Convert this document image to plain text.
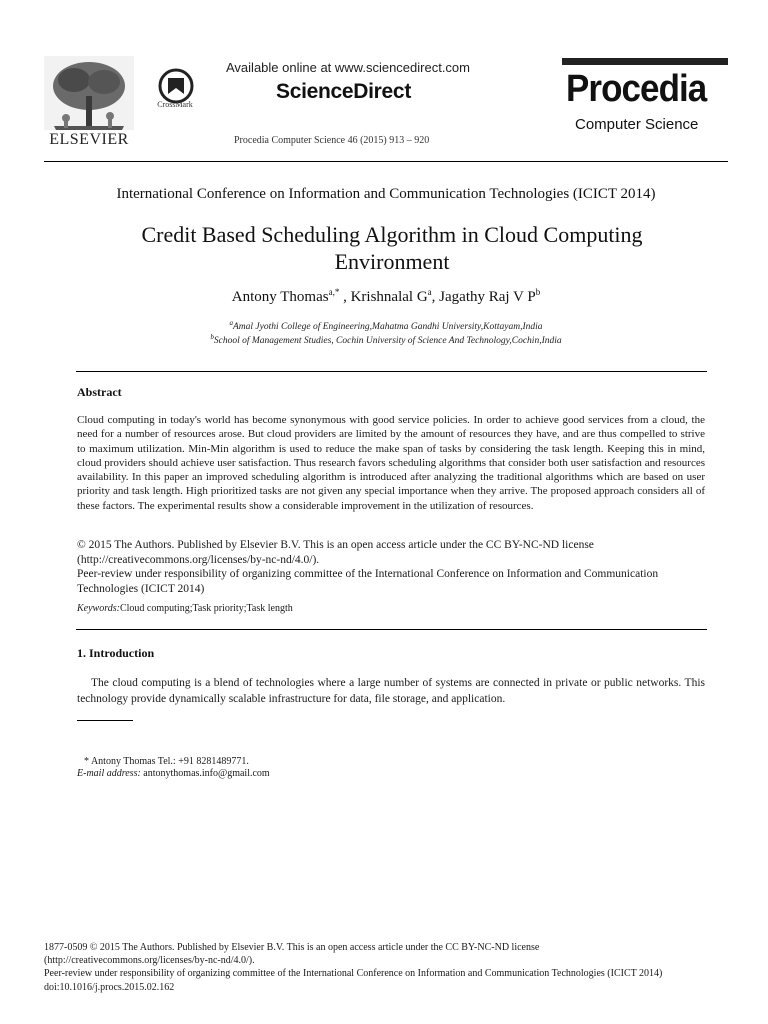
ELSEVIER
CrossMark
Available online at www.sciencedirect.com
ScienceDirect
Procedia Computer Science 46 (2015) 913 – 920
Procedia
Computer Science
International Conference on Information and Communication Technologies (ICICT 2014)
Credit Based Scheduling Algorithm in Cloud Computing Environment
Antony Thomas$^{a,*}$ , Krishnalal $G^a$, Jagathy Raj V $P^b$
$^a$Amal Jyothi College of Engineering,Mahatma Gandhi University,Kottayam,India
$^b$School of Management Studies, Cochin University of Science And Technology,Cochin,India
Abstract
Cloud computing in today's world has become synonymous with good service policies. In order to achieve good services from a cloud, the need for a number of resources arose. But cloud providers are limited by the amount of resources they have, and are thus compelled to strive to maximum utilization. Min-Min algorithm is used to reduce the make span of tasks by considering the task length. Keeping this in mind, cloud providers should achieve user satisfaction. Thus research favors scheduling algorithms that consider both user satisfaction and resources availability. In this paper an improved scheduling algorithm is introduced after analyzing the traditional algorithms which are based on user priority and task length. High prioritized tasks are not given any special importance when they arrive. The proposed approach considers all of these factors. The experimental results show a considerable improvement in the utilization of resources.
© 2015 The Authors. Published by Elsevier B.V. This is an open access article under the CC BY-NC-ND license (http://creativecommons.org/licenses/by-nc-nd/4.0/).
Peer-review under responsibility of organizing committee of the International Conference on Information and Communication Technologies (ICICT 2014)
Keywords:Cloud computing;Task priority;Task length
1. Introduction
The cloud computing is a blend of technologies where a large number of systems are connected in private or public networks. This technology provide dynamically scalable infrastructure for data, file storage, and application.
* Antony Thomas Tel.: +91 8281489771.
E-mail address: antonythomas.info@gmail.com
1877-0509 © 2015 The Authors. Published by Elsevier B.V. This is an open access article under the CC BY-NC-ND license
(http://creativecommons.org/licenses/by-nc-nd/4.0/).
Peer-review under responsibility of organizing committee of the International Conference on Information and Communication Technologies (ICICT 2014)
doi:10.1016/j.procs.2015.02.162
